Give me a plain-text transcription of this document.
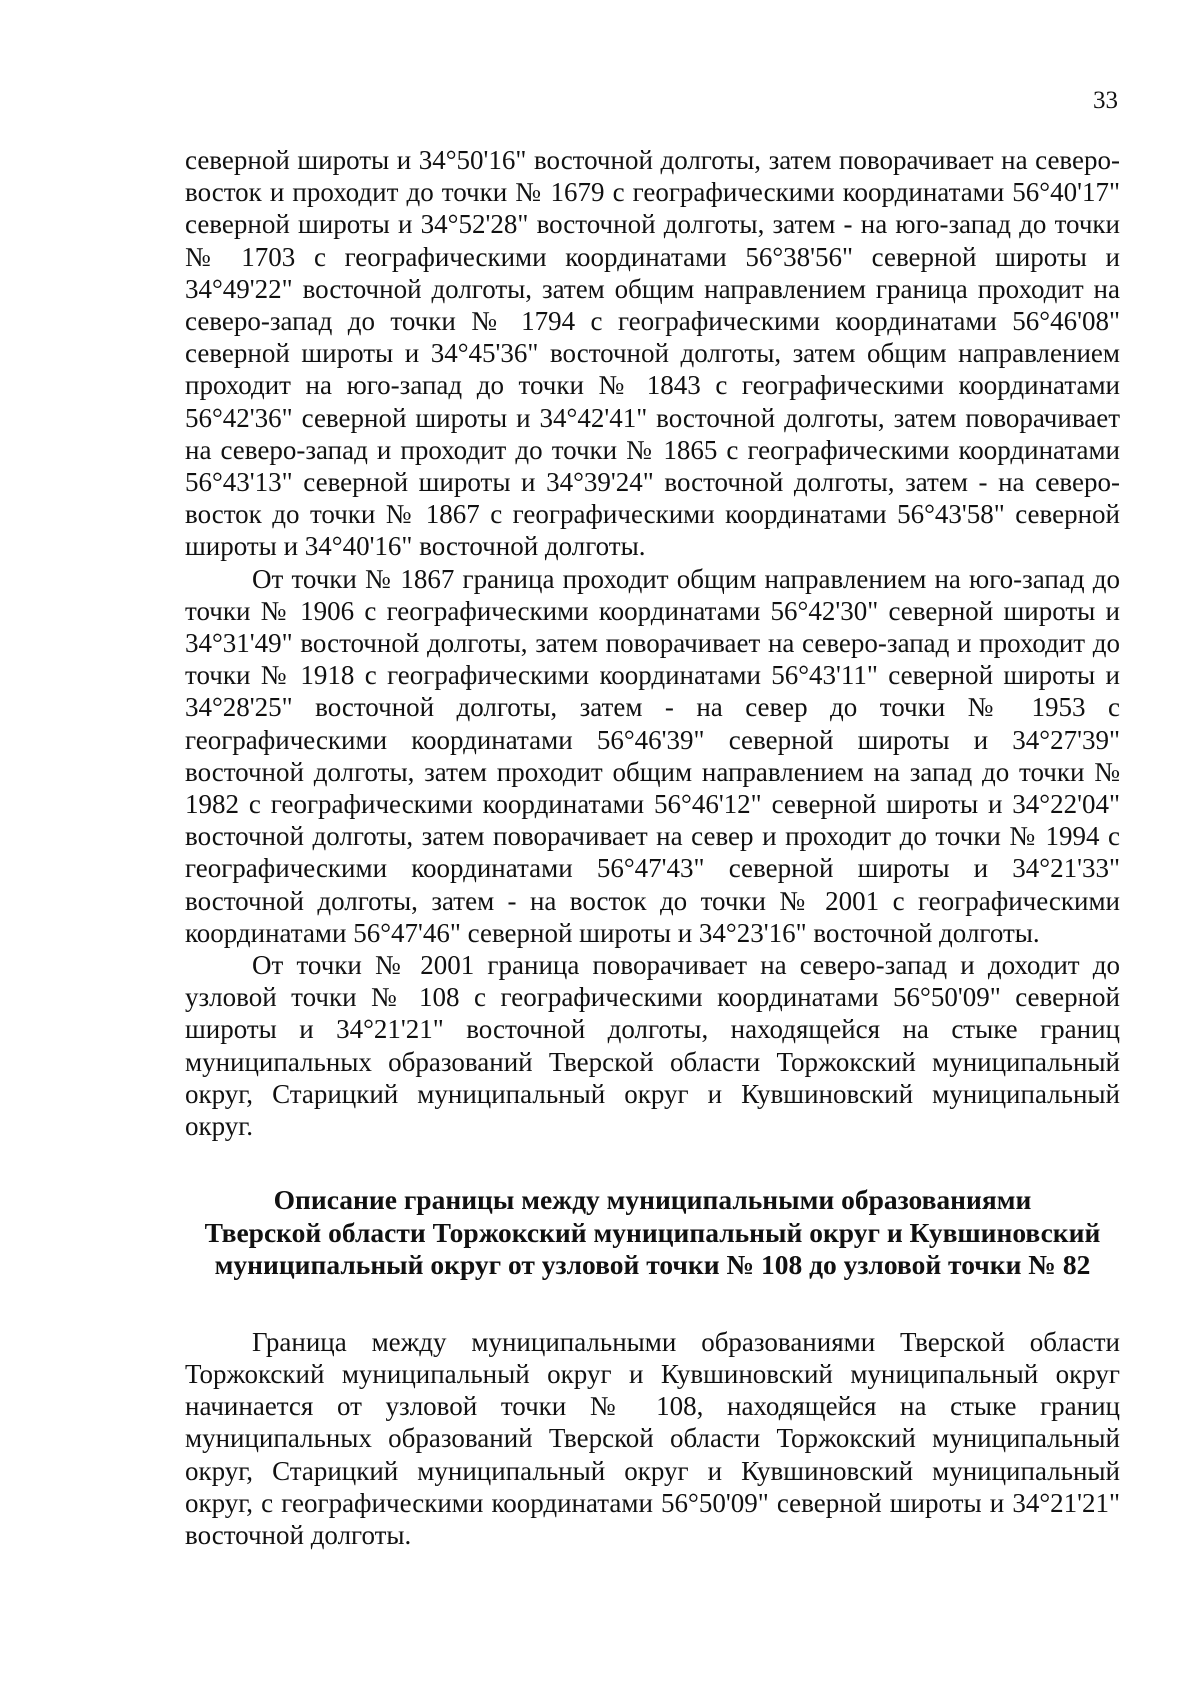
33

северной широты и 34°50'16" восточной долготы, затем поворачивает на северо-восток и проходит до точки № 1679 с географическими координатами 56°40'17" северной широты и 34°52'28" восточной долготы, затем - на юго-запад до точки № 1703 с географическими координатами 56°38'56" северной широты и 34°49'22" восточной долготы, затем общим направлением граница проходит на северо-запад до точки № 1794 с географическими координатами 56°46'08" северной широты и 34°45'36" восточной долготы, затем общим направлением проходит на юго-запад до точки № 1843 с географическими координатами 56°42'36" северной широты и 34°42'41" восточной долготы, затем поворачивает на северо-запад и проходит до точки № 1865 с географическими координатами 56°43'13" северной широты и 34°39'24" восточной долготы, затем - на северо-восток до точки № 1867 с географическими координатами 56°43'58" северной широты и 34°40'16" восточной долготы.

От точки № 1867 граница проходит общим направлением на юго-запад до точки № 1906 с географическими координатами 56°42'30" северной широты и 34°31'49" восточной долготы, затем поворачивает на северо-запад и проходит до точки № 1918 с географическими координатами 56°43'11" северной широты и 34°28'25" восточной долготы, затем - на север до точки № 1953 с географическими координатами 56°46'39" северной широты и 34°27'39" восточной долготы, затем проходит общим направлением на запад до точки № 1982 с географическими координатами 56°46'12" северной широты и 34°22'04" восточной долготы, затем поворачивает на север и проходит до точки № 1994 с географическими координатами 56°47'43" северной широты и 34°21'33" восточной долготы, затем - на восток до точки № 2001 с географическими координатами 56°47'46" северной широты и 34°23'16" восточной долготы.

От точки № 2001 граница поворачивает на северо-запад и доходит до узловой точки № 108 с географическими координатами 56°50'09" северной широты и 34°21'21" восточной долготы, находящейся на стыке границ муниципальных образований Тверской области Торжокский муниципальный округ, Старицкий муниципальный округ и Кувшиновский муниципальный округ.

Описание границы между муниципальными образованиями
Тверской области Торжокский муниципальный округ и Кувшиновский
муниципальный округ от узловой точки № 108 до узловой точки № 82

Граница между муниципальными образованиями Тверской области Торжокский муниципальный округ и Кувшиновский муниципальный округ начинается от узловой точки № 108, находящейся на стыке границ муниципальных образований Тверской области Торжокский муниципальный округ, Старицкий муниципальный округ и Кувшиновский муниципальный округ, с географическими координатами 56°50'09" северной широты и 34°21'21" восточной долготы.
